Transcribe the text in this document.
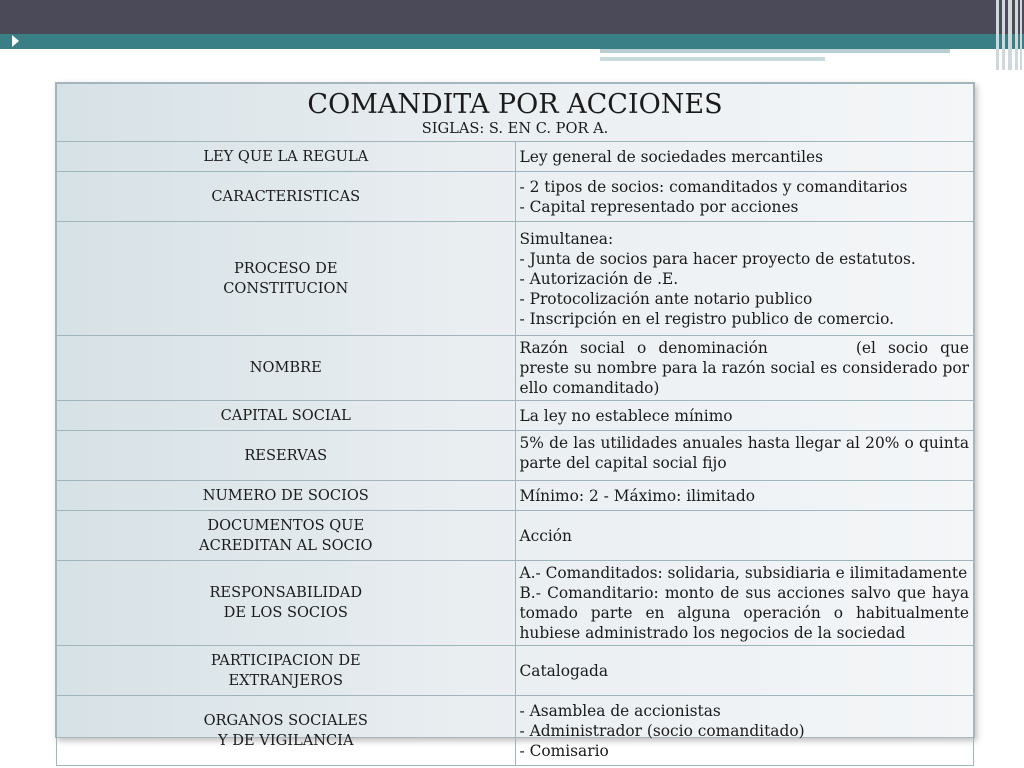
COMANDITA POR ACCIONES
SIGLAS: S. EN C. POR A.	

LEY QUE LA REGULA	Ley general de sociedades mercantiles

CARACTERISTICAS	- 2 tipos de socios: comanditados y comanditarios
- Capital representado por acciones

PROCESO DE
CONSTITUCION	Simultanea:
- Junta de socios para hacer proyecto de estatutos.
- Autorización de .E.
- Protocolización ante notario publico
- Inscripción en el registro publico de comercio.

NOMBRE	Razón social o denominación (el socio que preste su nombre para la razón social es considerado por ello comanditado)

CAPITAL SOCIAL	La ley no establece mínimo

RESERVAS	5% de las utilidades anuales hasta llegar al 20% o quinta parte del capital social fijo

NUMERO DE SOCIOS	Mínimo: 2 - Máximo: ilimitado

DOCUMENTOS QUE
ACREDITAN AL SOCIO	Acción

RESPONSABILIDAD
DE LOS SOCIOS	A.- Comanditados: solidaria, subsidiaria e ilimitadamente
B.- Comanditario: monto de sus acciones salvo que haya tomado parte en alguna operación o habitualmente hubiese administrado los negocios de la sociedad

PARTICIPACION DE
EXTRANJEROS	Catalogada

ORGANOS SOCIALES
Y DE VIGILANCIA	- Asamblea de accionistas
- Administrador (socio comanditado)
- Comisario
